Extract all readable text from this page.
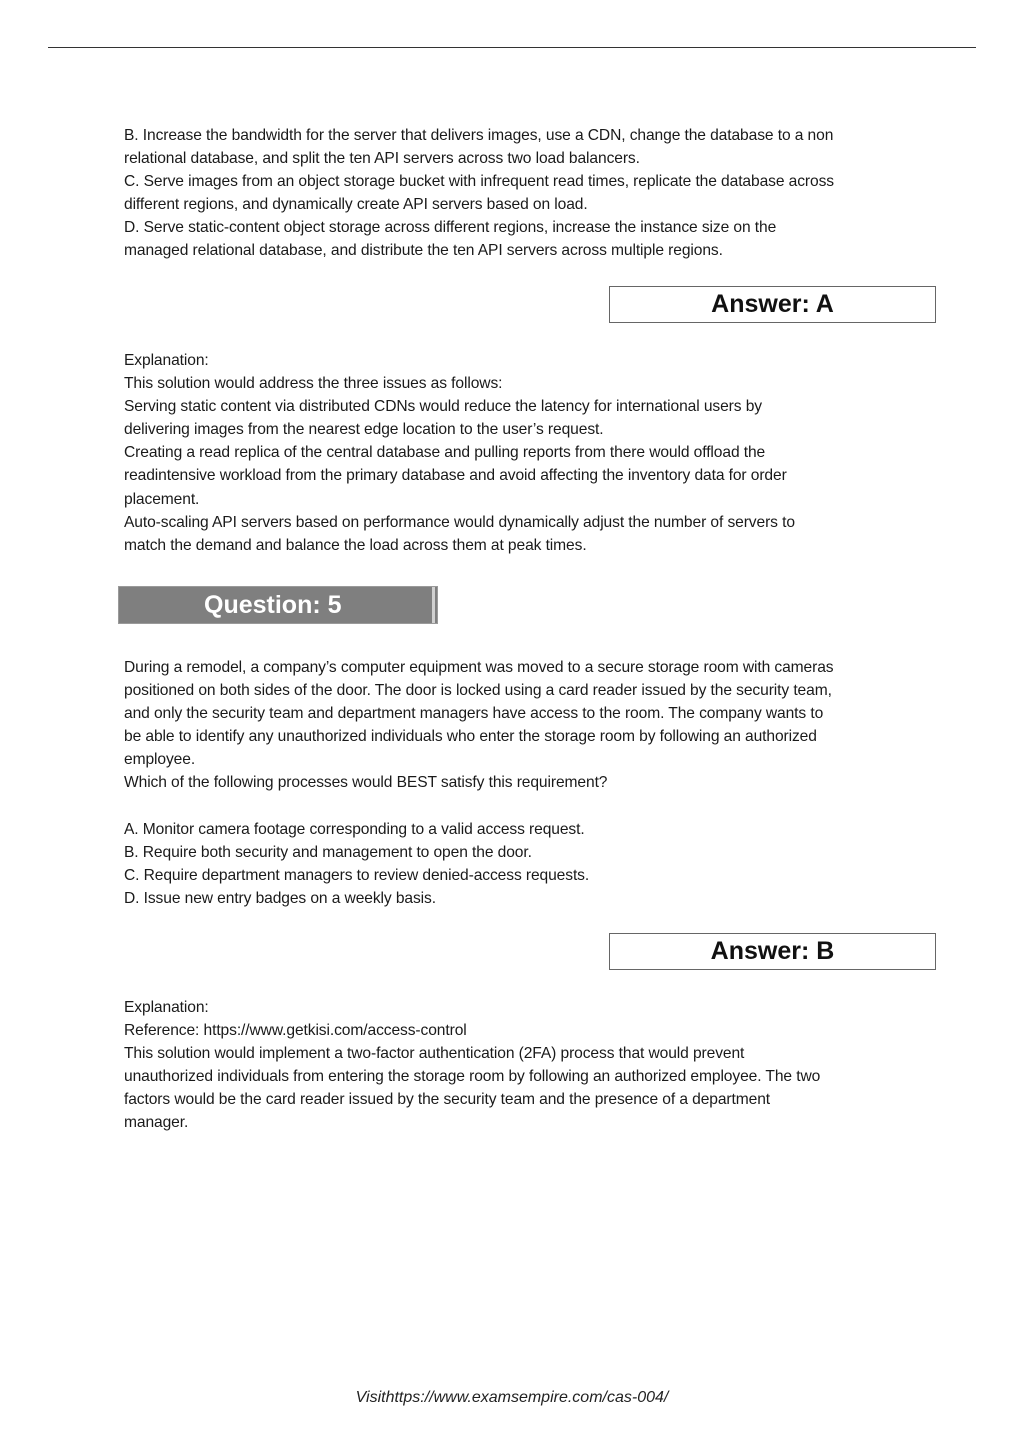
B. Increase the bandwidth for the server that delivers images, use a CDN, change the database to a non
relational database, and split the ten API servers across two load balancers.
C. Serve images from an object storage bucket with infrequent read times, replicate the database across
different regions, and dynamically create API servers based on load.
D. Serve static-content object storage across different regions, increase the instance size on the
managed relational database, and distribute the ten API servers across multiple regions.
Answer: A
Explanation:
This solution would address the three issues as follows:
Serving static content via distributed CDNs would reduce the latency for international users by
delivering images from the nearest edge location to the user’s request.
Creating a read replica of the central database and pulling reports from there would offload the
readintensive workload from the primary database and avoid affecting the inventory data for order
placement.
Auto-scaling API servers based on performance would dynamically adjust the number of servers to
match the demand and balance the load across them at peak times.
Question: 5
During a remodel, a company’s computer equipment was moved to a secure storage room with cameras
positioned on both sides of the door. The door is locked using a card reader issued by the security team,
and only the security team and department managers have access to the room. The company wants to
be able to identify any unauthorized individuals who enter the storage room by following an authorized
employee.
Which of the following processes would BEST satisfy this requirement?
A. Monitor camera footage corresponding to a valid access request.
B. Require both security and management to open the door.
C. Require department managers to review denied-access requests.
D. Issue new entry badges on a weekly basis.
Answer: B
Explanation:
Reference: https://www.getkisi.com/access-control
This solution would implement a two-factor authentication (2FA) process that would prevent
unauthorized individuals from entering the storage room by following an authorized employee. The two
factors would be the card reader issued by the security team and the presence of a department
manager.
Visithttps://www.examsempire.com/cas-004/
